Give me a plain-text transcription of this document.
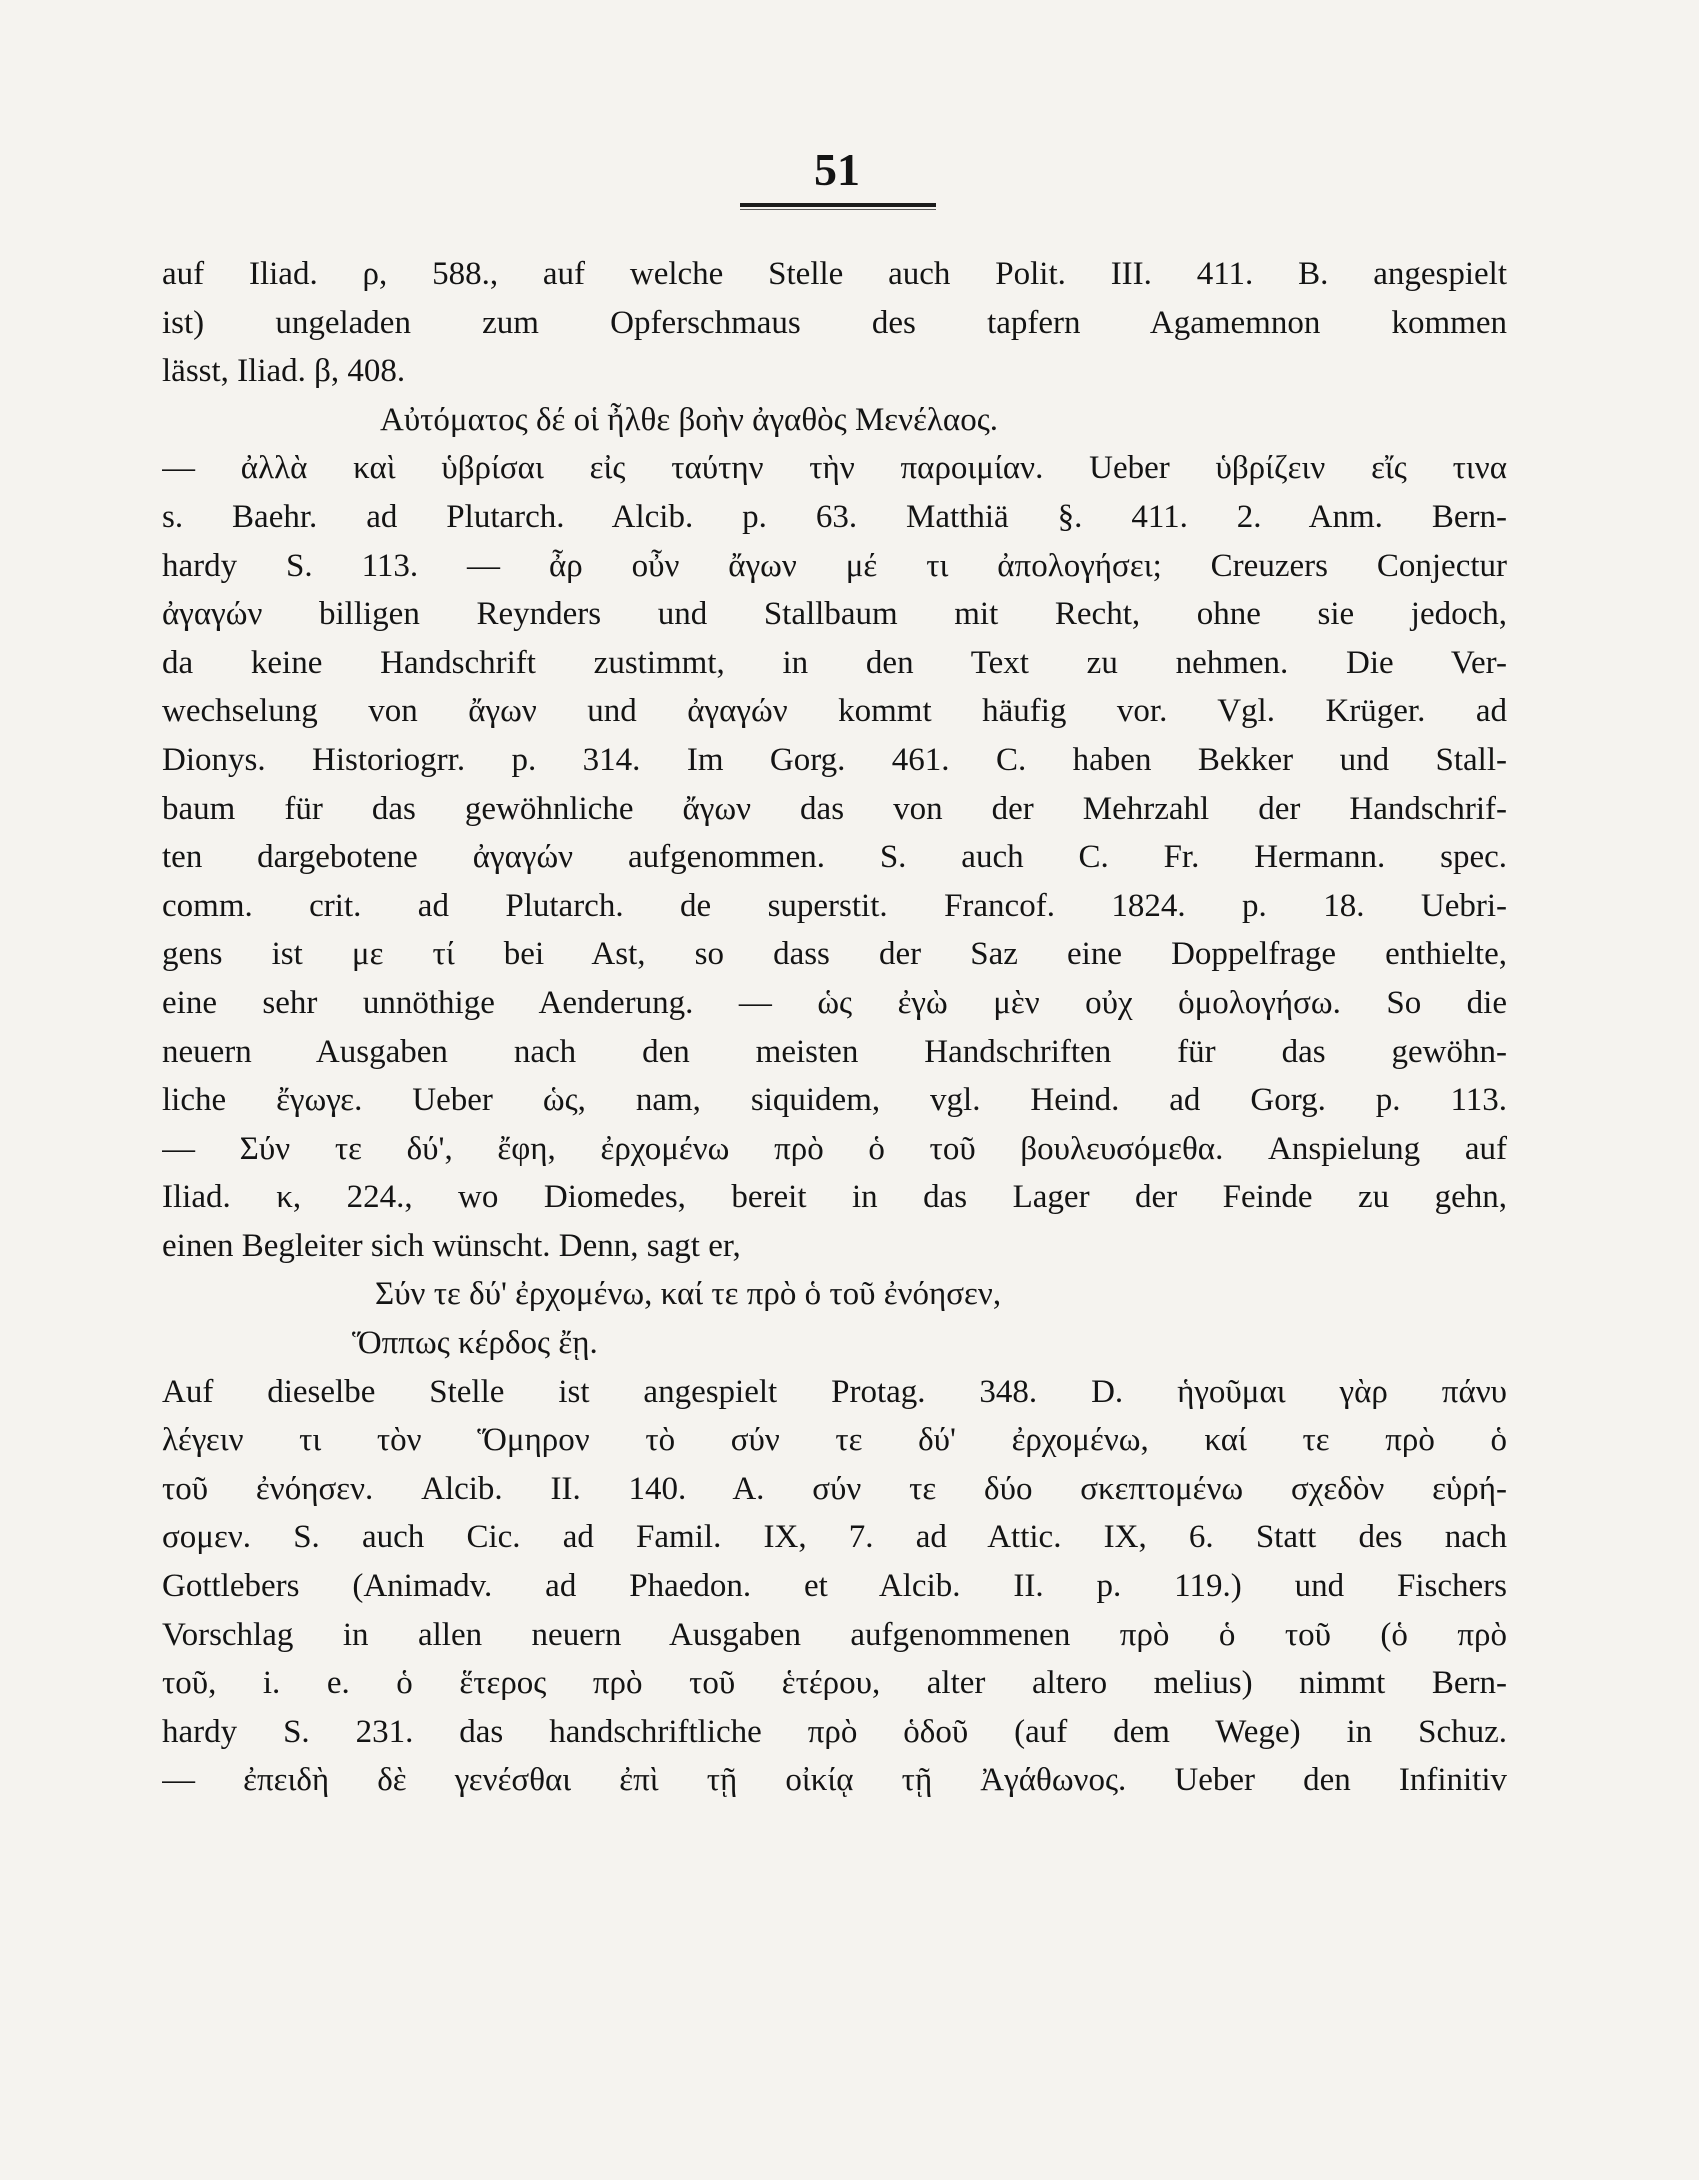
51
auf Iliad. ρ, 588., auf welche Stelle auch Polit. III. 411. B. angespielt
ist) ungeladen zum Opferschmaus des tapfern Agamemnon kommen
lässt, Iliad. β, 408.
Αὐτόματος δέ οἱ ἦλθε βοὴν ἀγαθὸς Μενέλαος.
— ἀλλὰ καὶ ὑβρίσαι εἰς ταύτην τὴν παροιμίαν. Ueber ὑβρίζειν εἴς τινα
s. Baehr. ad Plutarch. Alcib. p. 63. Matthiä §. 411. 2. Anm. Bern-
hardy S. 113. — ἆρ οὖν ἄγων μέ τι ἀπολογήσει; Creuzers Conjectur
ἀγαγών billigen Reynders und Stallbaum mit Recht, ohne sie jedoch,
da keine Handschrift zustimmt, in den Text zu nehmen. Die Ver-
wechselung von ἄγων und ἀγαγών kommt häufig vor. Vgl. Krüger. ad
Dionys. Historiogrr. p. 314. Im Gorg. 461. C. haben Bekker und Stall-
baum für das gewöhnliche ἄγων das von der Mehrzahl der Handschrif-
ten dargebotene ἀγαγών aufgenommen. S. auch C. Fr. Hermann. spec.
comm. crit. ad Plutarch. de superstit. Francof. 1824. p. 18. Uebri-
gens ist με τί bei Ast, so dass der Saz eine Doppelfrage enthielte,
eine sehr unnöthige Aenderung. — ὡς ἐγὼ μὲν οὐχ ὁμολογήσω. So die
neuern Ausgaben nach den meisten Handschriften für das gewöhn-
liche ἔγωγε. Ueber ὡς, nam, siquidem, vgl. Heind. ad Gorg. p. 113.
— Σύν τε δύ', ἔφη, ἐρχομένω πρὸ ὁ τοῦ βουλευσόμεθα. Anspielung auf
Iliad. κ, 224., wo Diomedes, bereit in das Lager der Feinde zu gehn,
einen Begleiter sich wünscht. Denn, sagt er,
Σύν τε δύ' ἐρχομένω, καί τε πρὸ ὁ τοῦ ἐνόησεν,
Ὅππως κέρδος ἔῃ.
Auf dieselbe Stelle ist angespielt Protag. 348. D. ἡγοῦμαι γὰρ πάνυ
λέγειν τι τὸν Ὅμηρον τὸ σύν τε δύ' ἐρχομένω, καί τε πρὸ ὁ
τοῦ ἐνόησεν. Alcib. II. 140. A. σύν τε δύο σκεπτομένω σχεδὸν εὑρή-
σομεν. S. auch Cic. ad Famil. IX, 7. ad Attic. IX, 6. Statt des nach
Gottlebers (Animadv. ad Phaedon. et Alcib. II. p. 119.) und Fischers
Vorschlag in allen neuern Ausgaben aufgenommenen πρὸ ὁ τοῦ (ὁ πρὸ
τοῦ, i. e. ὁ ἕτερος πρὸ τοῦ ἑτέρου, alter altero melius) nimmt Bern-
hardy S. 231. das handschriftliche πρὸ ὁδοῦ (auf dem Wege) in Schuz.
— ἐπειδὴ δὲ γενέσθαι ἐπὶ τῇ οἰκίᾳ τῇ Ἀγάθωνος. Ueber den Infinitiv
